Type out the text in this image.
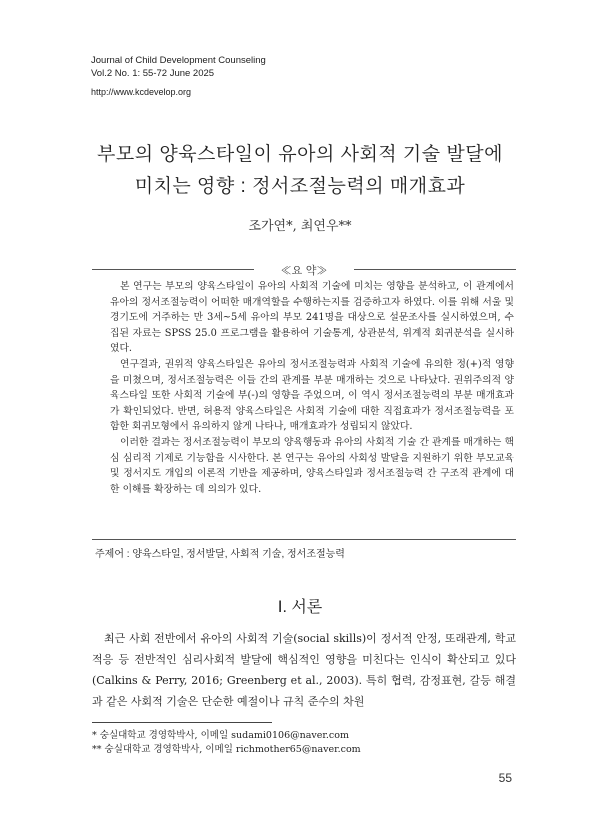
Journal of Child Development Counseling
Vol.2 No. 1: 55-72 June 2025
http://www.kcdevelop.org
부모의 양육스타일이 유아의 사회적 기술 발달에
미치는 영향 : 정서조절능력의 매개효과
조가연*, 최연우**
≪요 약≫

본 연구는 부모의 양육스타일이 유아의 사회적 기술에 미치는 영향을 분석하고, 이 관계에서 유아의 정서조절능력이 어떠한 매개역할을 수행하는지를 검증하고자 하였다. 이를 위해 서울 및 경기도에 거주하는 만 3세~5세 유아의 부모 241명을 대상으로 설문조사를 실시하였으며, 수집된 자료는 SPSS 25.0 프로그램을 활용하여 기술통계, 상관분석, 위계적 회귀분석을 실시하였다.

연구결과, 권위적 양육스타일은 유아의 정서조절능력과 사회적 기술에 유의한 정(+)적 영향을 미쳤으며, 정서조절능력은 이들 간의 관계를 부분 매개하는 것으로 나타났다. 권위주의적 양육스타일 또한 사회적 기술에 부(-)의 영향을 주었으며, 이 역시 정서조절능력의 부분 매개효과가 확인되었다. 반면, 허용적 양육스타일은 사회적 기술에 대한 직접효과가 정서조절능력을 포함한 회귀모형에서 유의하지 않게 나타나, 매개효과가 성립되지 않았다.

이러한 결과는 정서조절능력이 부모의 양육행동과 유아의 사회적 기술 간 관계를 매개하는 핵심 심리적 기제로 기능함을 시사한다. 본 연구는 유아의 사회성 발달을 지원하기 위한 부모교육 및 정서지도 개입의 이론적 기반을 제공하며, 양육스타일과 정서조절능력 간 구조적 관계에 대한 이해를 확장하는 데 의의가 있다.

주제어 : 양육스타일, 정서발달, 사회적 기술, 정서조절능력
Ⅰ. 서론

최근 사회 전반에서 유아의 사회적 기술(social skills)이 정서적 안정, 또래관계, 학교 적응 등 전반적인 심리사회적 발달에 핵심적인 영향을 미친다는 인식이 확산되고 있다(Calkins & Perry, 2016; Greenberg et al., 2003). 특히 협력, 감정표현, 갈등 해결과 같은 사회적 기술은 단순한 예절이나 규칙 준수의 차원

* 숭실대학교 경영학박사, 이메일 sudami0106@naver.com
** 숭실대학교 경영학박사, 이메일 richmother65@naver.com
55
